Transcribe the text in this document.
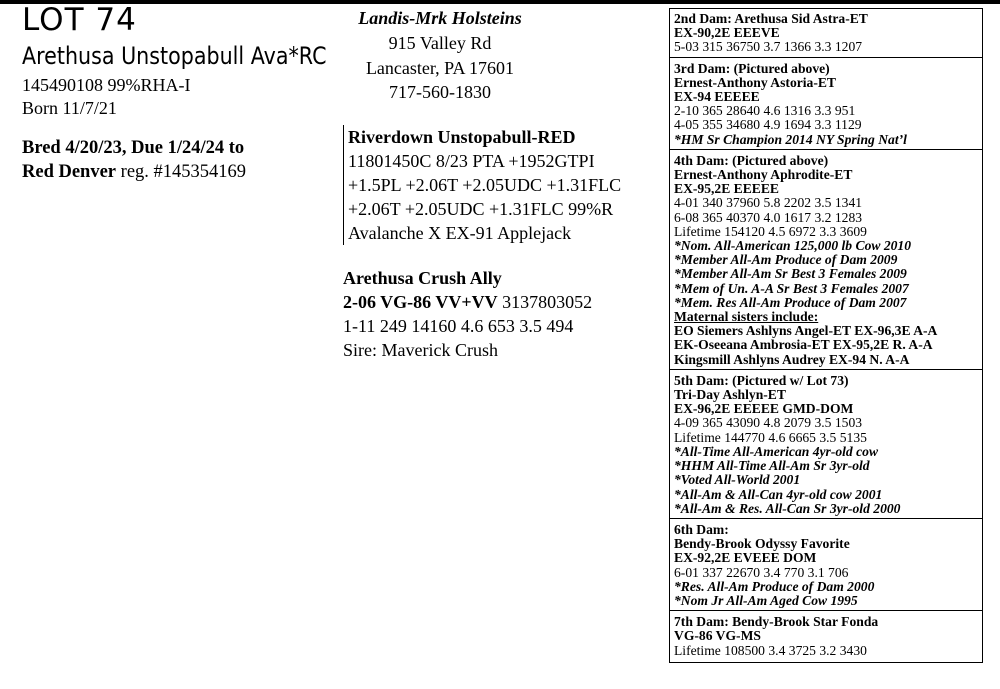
LOT 74
Arethusa Unstopabull Ava*RC
145490108 99%RHA-I
Born 11/7/21
Bred 4/20/23, Due 1/24/24 to
Red Denver reg. #145354169
Landis-Mrk Holsteins
915 Valley Rd
Lancaster, PA 17601
717-560-1830
Riverdown Unstopabull-RED
11801450C 8/23 PTA +1952GTPI
+1.5PL +2.06T +2.05UDC +1.31FLC
+2.06T +2.05UDC +1.31FLC 99%R
Avalanche X EX-91 Applejack
Arethusa Crush Ally
2-06 VG-86 VV+VV 3137803052
1-11 249 14160 4.6 653 3.5 494
Sire: Maverick Crush
2nd Dam: Arethusa Sid Astra-ET
EX-90,2E EEEVE
5-03 315 36750 3.7 1366 3.3 1207
3rd Dam: (Pictured above)
Ernest-Anthony Astoria-ET
EX-94 EEEEE
2-10 365 28640 4.6 1316 3.3 951
4-05 355 34680 4.9 1694 3.3 1129
*HM Sr Champion 2014 NY Spring Nat’l
4th Dam: (Pictured above)
Ernest-Anthony Aphrodite-ET
EX-95,2E EEEEE
4-01 340 37960 5.8 2202 3.5 1341
6-08 365 40370 4.0 1617 3.2 1283
Lifetime 154120 4.5 6972 3.3 3609
*Nom. All-American 125,000 lb Cow 2010
*Member All-Am Produce of Dam 2009
*Member All-Am Sr Best 3 Females 2009
*Mem of Un. A-A Sr Best 3 Females 2007
*Mem. Res All-Am Produce of Dam 2007
Maternal sisters include:
EO Siemers Ashlyns Angel-ET EX-96,3E A-A
EK-Oseeana Ambrosia-ET EX-95,2E R. A-A
Kingsmill Ashlyns Audrey EX-94 N. A-A
5th Dam: (Pictured w/ Lot 73)
Tri-Day Ashlyn-ET
EX-96,2E EEEEE GMD-DOM
4-09 365 43090 4.8 2079 3.5 1503
Lifetime 144770 4.6 6665 3.5 5135
*All-Time All-American 4yr-old cow
*HHM All-Time All-Am Sr 3yr-old
*Voted All-World 2001
*All-Am & All-Can 4yr-old cow 2001
*All-Am & Res. All-Can Sr 3yr-old 2000
6th Dam:
Bendy-Brook Odyssy Favorite
EX-92,2E EVEEE DOM
6-01 337 22670 3.4 770 3.1 706
*Res. All-Am Produce of Dam 2000
*Nom Jr All-Am Aged Cow 1995
7th Dam: Bendy-Brook Star Fonda
VG-86 VG-MS
Lifetime 108500 3.4 3725 3.2 3430
